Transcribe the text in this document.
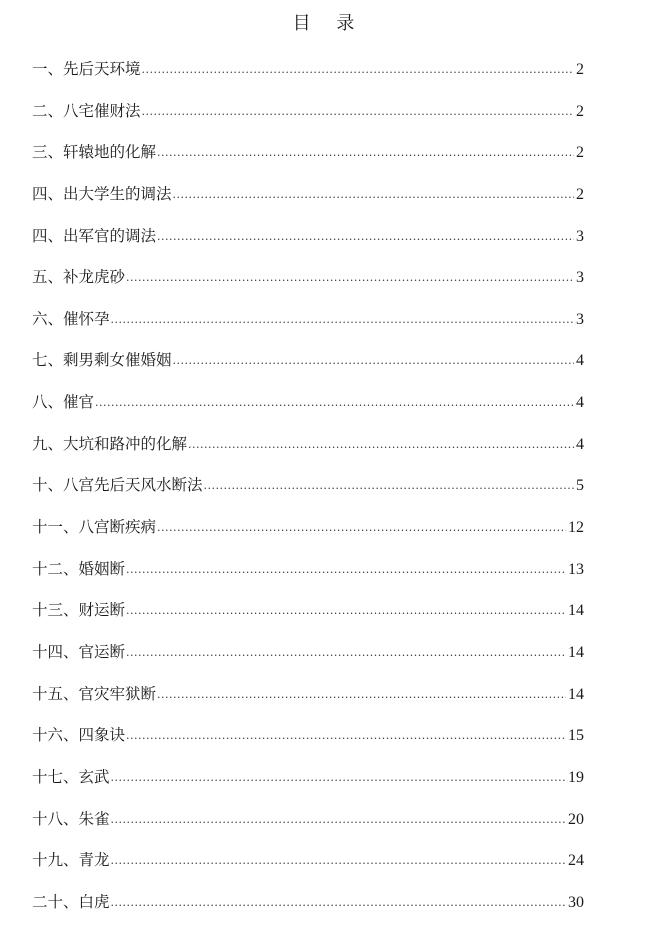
目 录
一、先后天环境 .....	2
二、八宅催财法 .....	2
三、轩辕地的化解 .....	2
四、出大学生的调法 .....	2
四、出军官的调法 .....	3
五、补龙虎砂 .....	3
六、催怀孕 .....	3
七、剩男剩女催婚姻 .....	4
八、催官 .....	4
九、大坑和路冲的化解 .....	4
十、八宫先后天风水断法 .....	5
十一、八宫断疾病 .....	12
十二、婚姻断 .....	13
十三、财运断 .....	14
十四、官运断 .....	14
十五、官灾牢狱断 .....	14
十六、四象诀 .....	15
十七、玄武 .....	19
十八、朱雀 .....	20
十九、青龙 .....	24
二十、白虎 .....	30
